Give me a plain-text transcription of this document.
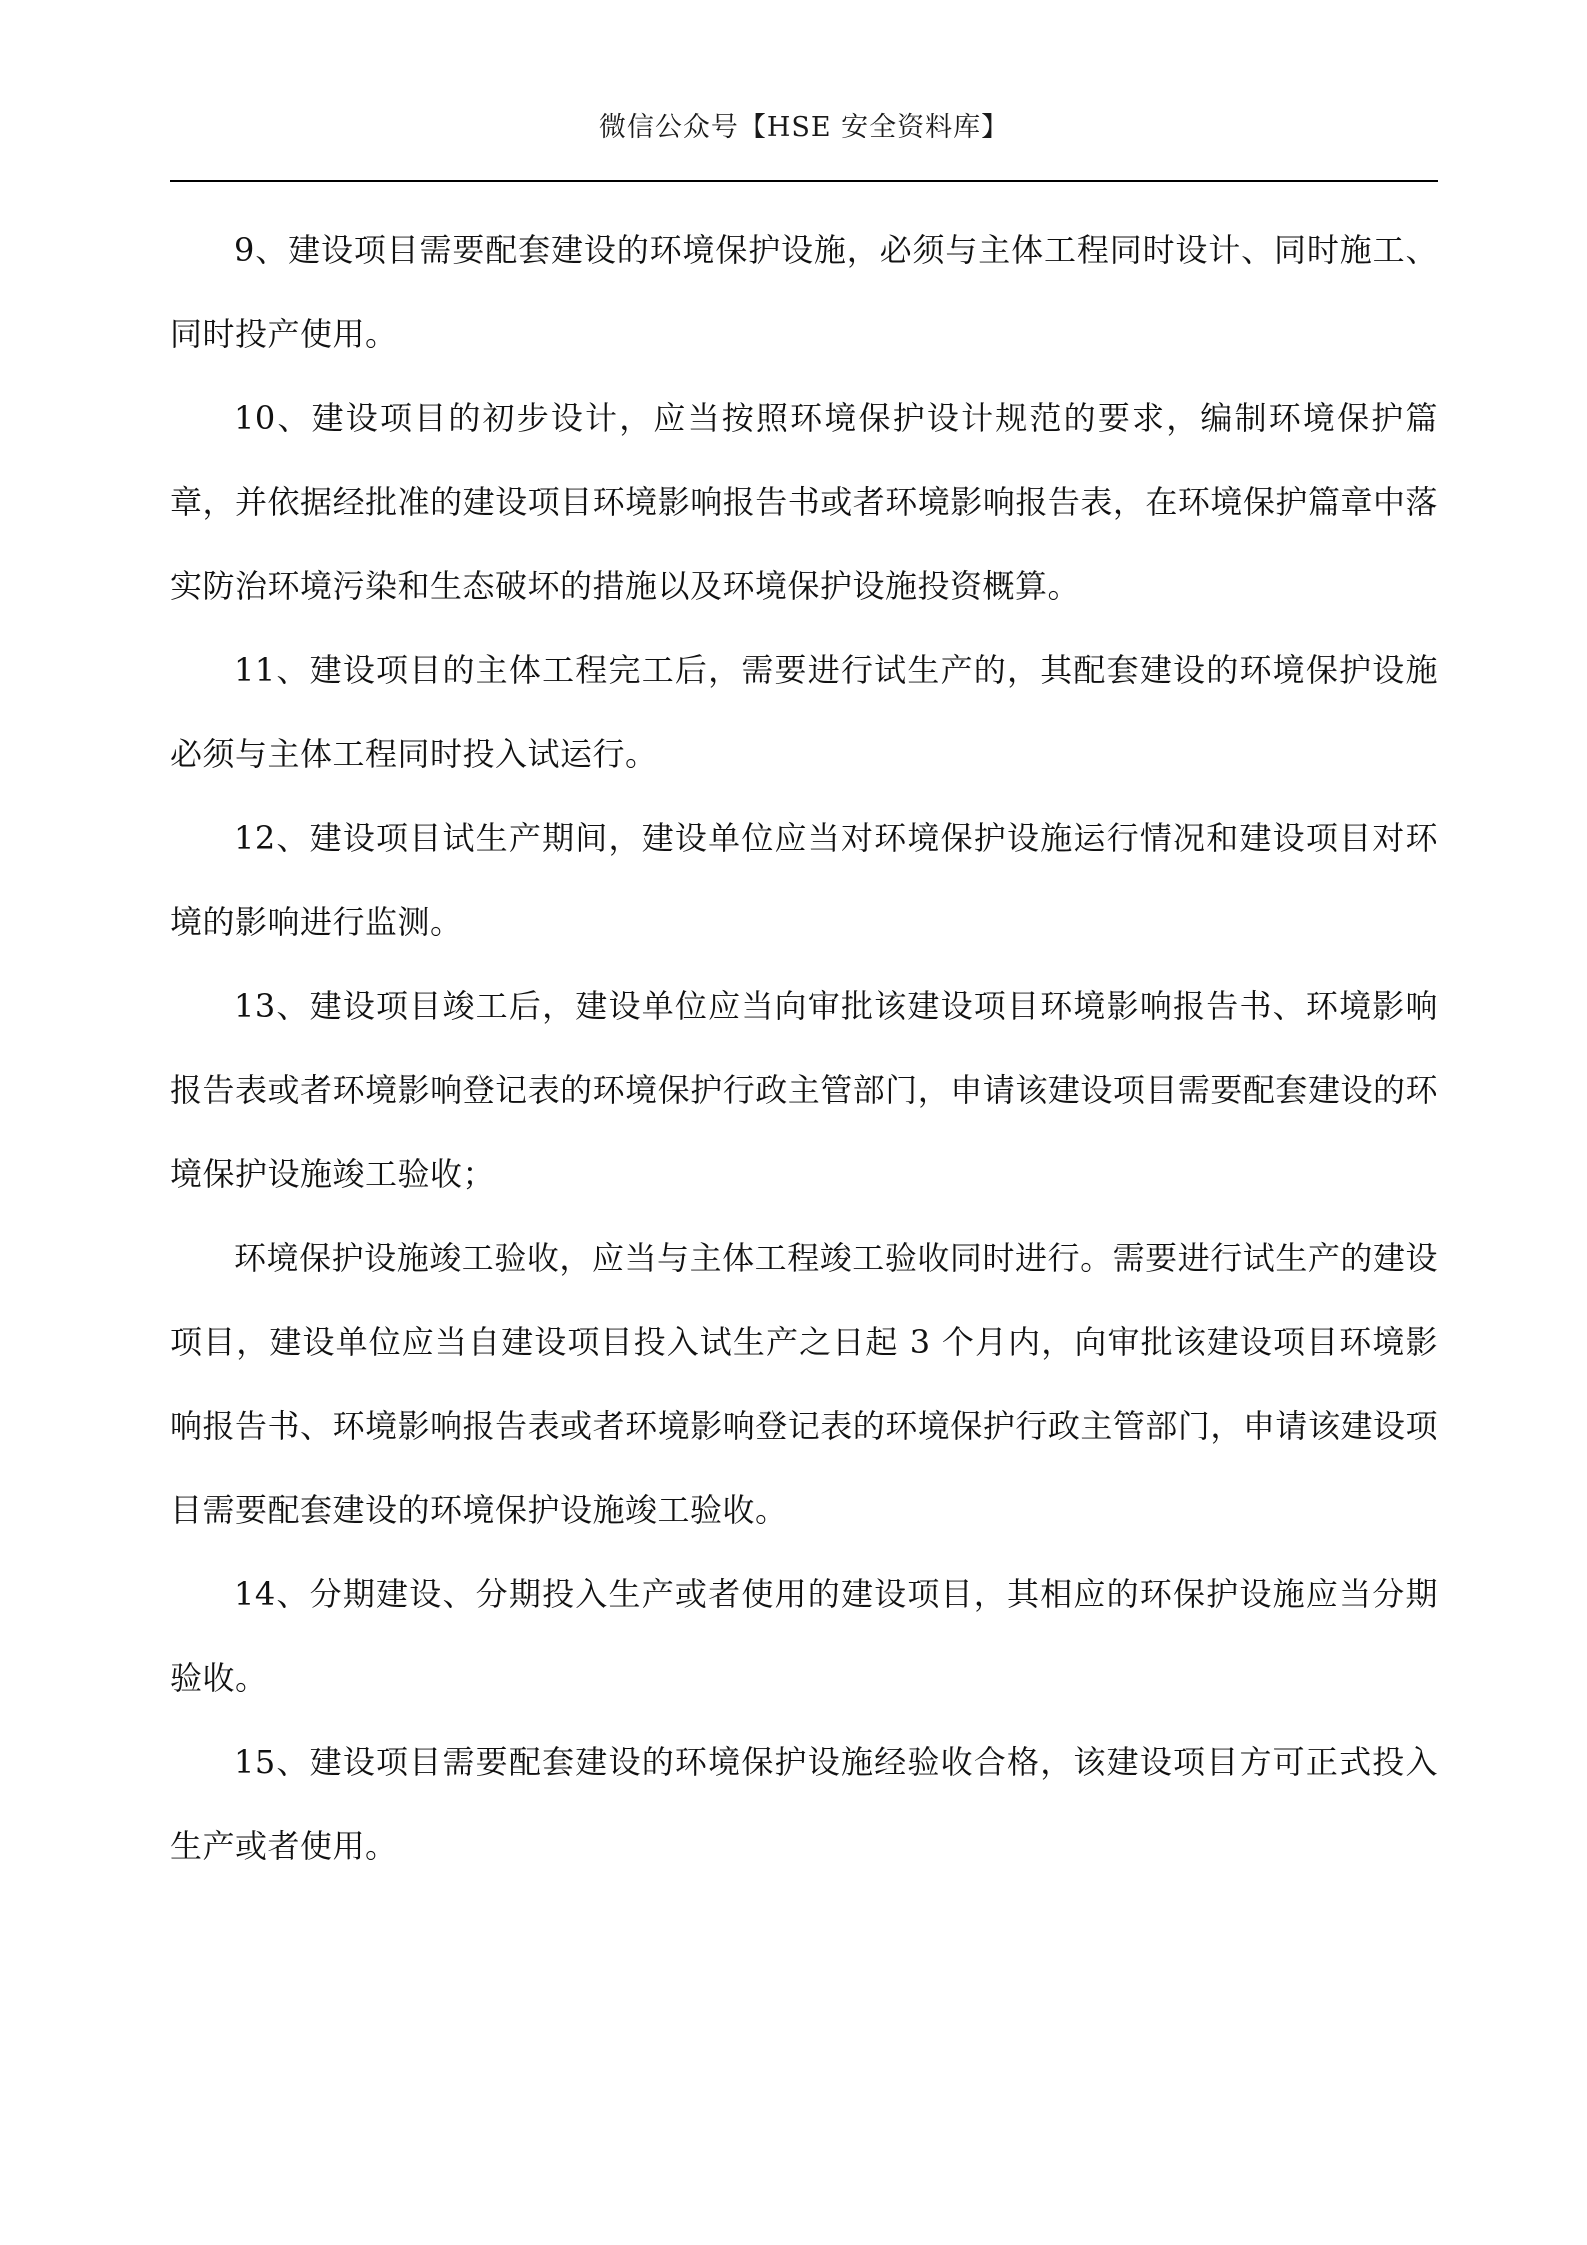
微信公众号【HSE 安全资料库】

9、建设项目需要配套建设的环境保护设施，必须与主体工程同时设计、同时施工、同时投产使用。

10、建设项目的初步设计，应当按照环境保护设计规范的要求，编制环境保护篇章，并依据经批准的建设项目环境影响报告书或者环境影响报告表，在环境保护篇章中落实防治环境污染和生态破坏的措施以及环境保护设施投资概算。

11、建设项目的主体工程完工后，需要进行试生产的，其配套建设的环境保护设施必须与主体工程同时投入试运行。

12、建设项目试生产期间，建设单位应当对环境保护设施运行情况和建设项目对环境的影响进行监测。

13、建设项目竣工后，建设单位应当向审批该建设项目环境影响报告书、环境影响报告表或者环境影响登记表的环境保护行政主管部门，申请该建设项目需要配套建设的环境保护设施竣工验收；

环境保护设施竣工验收，应当与主体工程竣工验收同时进行。需要进行试生产的建设项目，建设单位应当自建设项目投入试生产之日起 3 个月内，向审批该建设项目环境影响报告书、环境影响报告表或者环境影响登记表的环境保护行政主管部门，申请该建设项目需要配套建设的环境保护设施竣工验收。

14、分期建设、分期投入生产或者使用的建设项目，其相应的环保护设施应当分期验收。

15、建设项目需要配套建设的环境保护设施经验收合格，该建设项目方可正式投入生产或者使用。
